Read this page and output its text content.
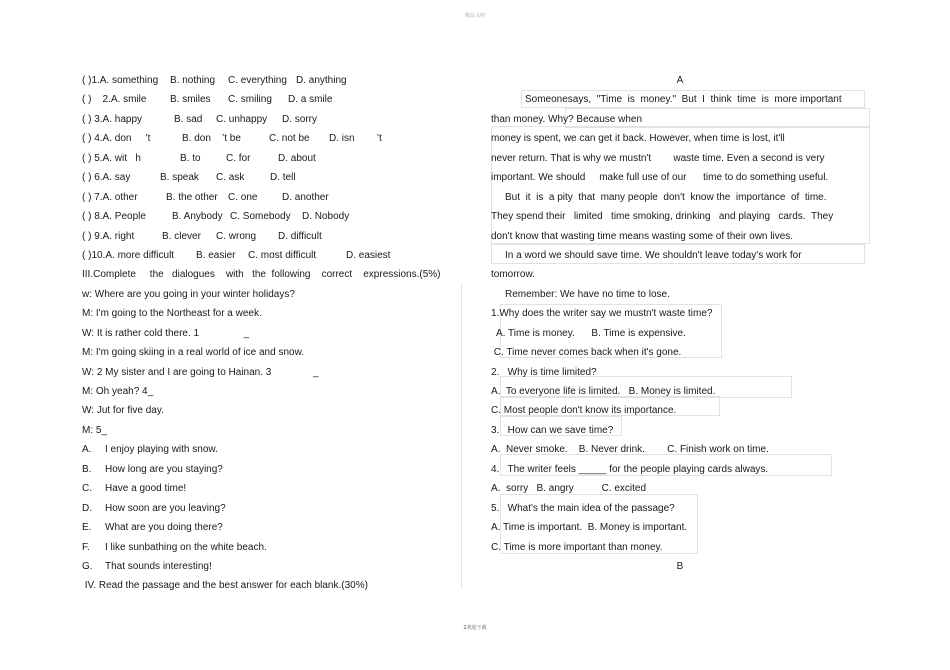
精品文档
( )1.A. something B. nothing C. everything D. anything
( )    2.A. smile B. smiles C. smiling D. a smile
( ) 3.A. happy	B. sad C. unhappy D. sorry
( ) 4.A. don     ’t	B. don    ’t be	C. not be D. isn        ’t
( ) 5.A. wit   h	B. to	C. for	D. about
( ) 6.A. say	B. speak C. ask	D. tell
( ) 7.A. other	B. the other C. one D. another
( ) 8.A. People	B. Anybody C. Somebody D. Nobody
( ) 9.A. right	B. clever C. wrong D. difficult
( )10.A. more difficult B. easier C. most difficult	D. easiest
III.Complete     the   dialogues    with   the  following    correct    expressions.(5%)
w: Where are you going in your winter holidays?
M: I'm going to the Northeast for a week.
W: It is rather cold there. 1                _
M: I'm going skiing in a real world of ice and snow.
W: 2 My sister and I are going to Hainan. 3               _
M: Oh yeah? 4_
W: Jut for five day.
M: 5_
A. I enjoy playing with snow.
B. How long are you staying?
C. Have a good time!
D. How soon are you leaving?
E. What are you doing there?
F. I like sunbathing on the white beach.
G. That sounds interesting!
IV. Read the passage and the best answer for each blank.(30%)
A
Someonesays,  "Time  is  money."  But  I  think  time  is  more important
than money. Why? Because when
money is spent, we can get it back. However, when time is lost, it'll
never return. That is why we mustn't        waste time. Even a second is very
important. We should     make full use of our      time to do something useful.
But  it  is  a pity  that  many people  don't  know the  importance  of  time.
They spend their   limited   time smoking, drinking   and playing   cards.  They
don't know that wasting time means wasting some of their own lives.
In a word we should save time. We shouldn't leave today's work for
tomorrow.
Remember: We have no time to lose.
1.Why does the writer say we mustn't waste time?
A. Time is money.      B. Time is expensive.
C. Time never comes back when it's gone.
2.   Why is time limited?
A.  To everyone life is limited.   B. Money is limited.
C. Most people don't know its importance.
3.   How can we save time?
A.  Never smoke.    B. Never drink.        C. Finish work on time.
4.   The writer feels _____ for the people playing cards always.
A.  sorry   B. angry          C. excited
5.   What's the main idea of the passage?
A. Time is important.  B. Money is important.
C. Time is more important than money.
B
2欢迎下载
